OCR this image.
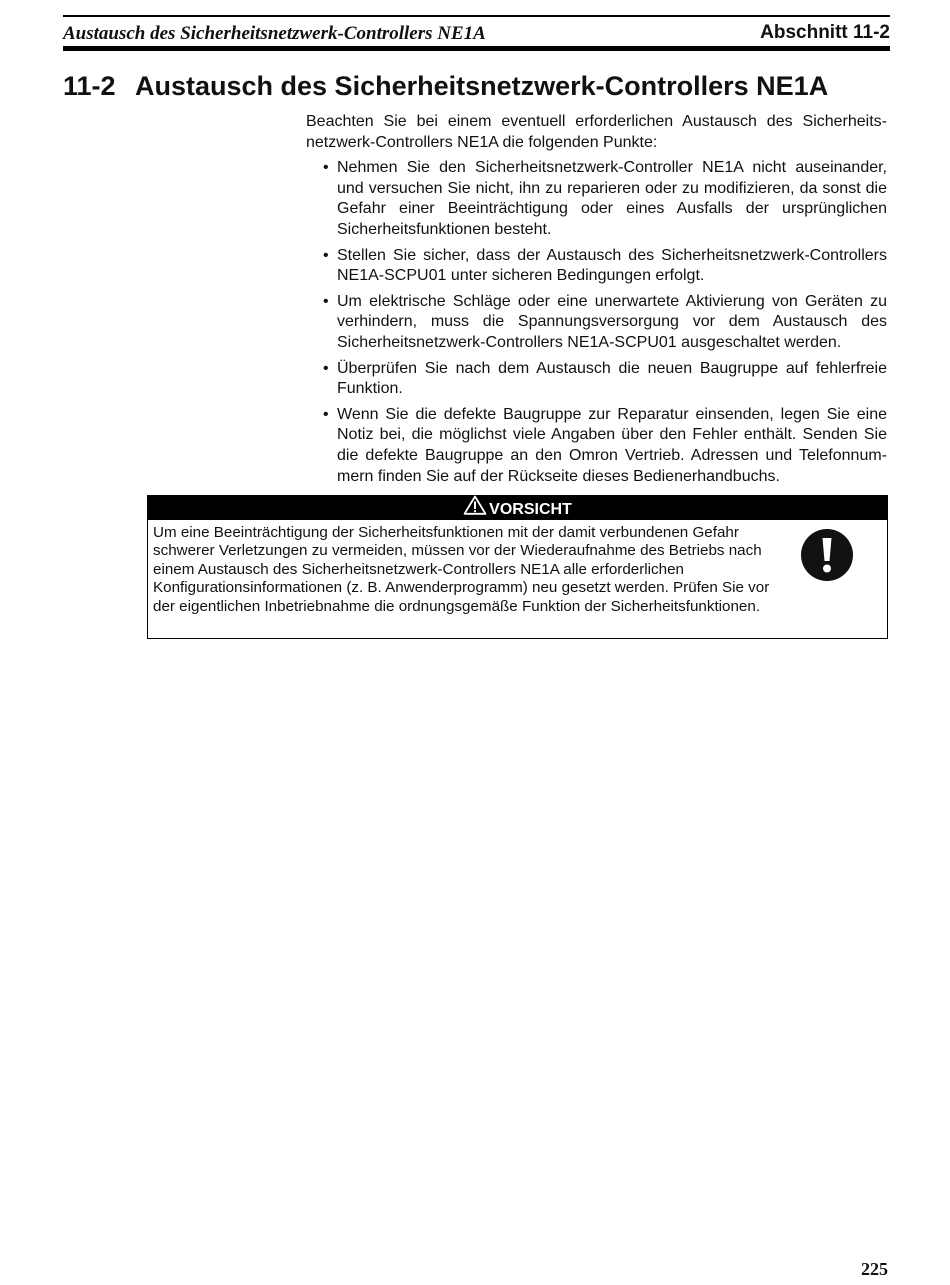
Austausch des Sicherheitsnetzwerk-Controllers NE1A	Abschnitt 11-2
11-2 Austausch des Sicherheitsnetzwerk-Controllers NE1A

Beachten Sie bei einem eventuell erforderlichen Austausch des Sicherheitsnetzwerk-Controllers NE1A die folgenden Punkte:

• Nehmen Sie den Sicherheitsnetzwerk-Controller NE1A nicht auseinander, und versuchen Sie nicht, ihn zu reparieren oder zu modifizieren, da sonst die Gefahr einer Beeinträchtigung oder eines Ausfalls der ursprünglichen Sicherheitsfunktionen besteht.
• Stellen Sie sicher, dass der Austausch des Sicherheitsnetzwerk-Controllers NE1A-SCPU01 unter sicheren Bedingungen erfolgt.
• Um elektrische Schläge oder eine unerwartete Aktivierung von Geräten zu verhindern, muss die Spannungsversorgung vor dem Austausch des Sicherheitsnetzwerk-Controllers NE1A-SCPU01 ausgeschaltet werden.
• Überprüfen Sie nach dem Austausch die neuen Baugruppe auf fehlerfreie Funktion.
• Wenn Sie die defekte Baugruppe zur Reparatur einsenden, legen Sie eine Notiz bei, die möglichst viele Angaben über den Fehler enthält. Senden Sie die defekte Baugruppe an den Omron Vertrieb. Adressen und Telefonnummern finden Sie auf der Rückseite dieses Bedienerhandbuchs.
VORSICHT
Um eine Beeinträchtigung der Sicherheitsfunktionen mit der damit verbundenen Gefahr schwerer Verletzungen zu vermeiden, müssen vor der Wiederaufnahme des Betriebs nach einem Austausch des Sicherheitsnetzwerk-Controllers NE1A alle erforderlichen Konfigurationsinformationen (z. B. Anwenderprogramm) neu gesetzt werden. Prüfen Sie vor der eigentlichen Inbetriebnahme die ordnungsgemäße Funktion der Sicherheitsfunktionen.
225
